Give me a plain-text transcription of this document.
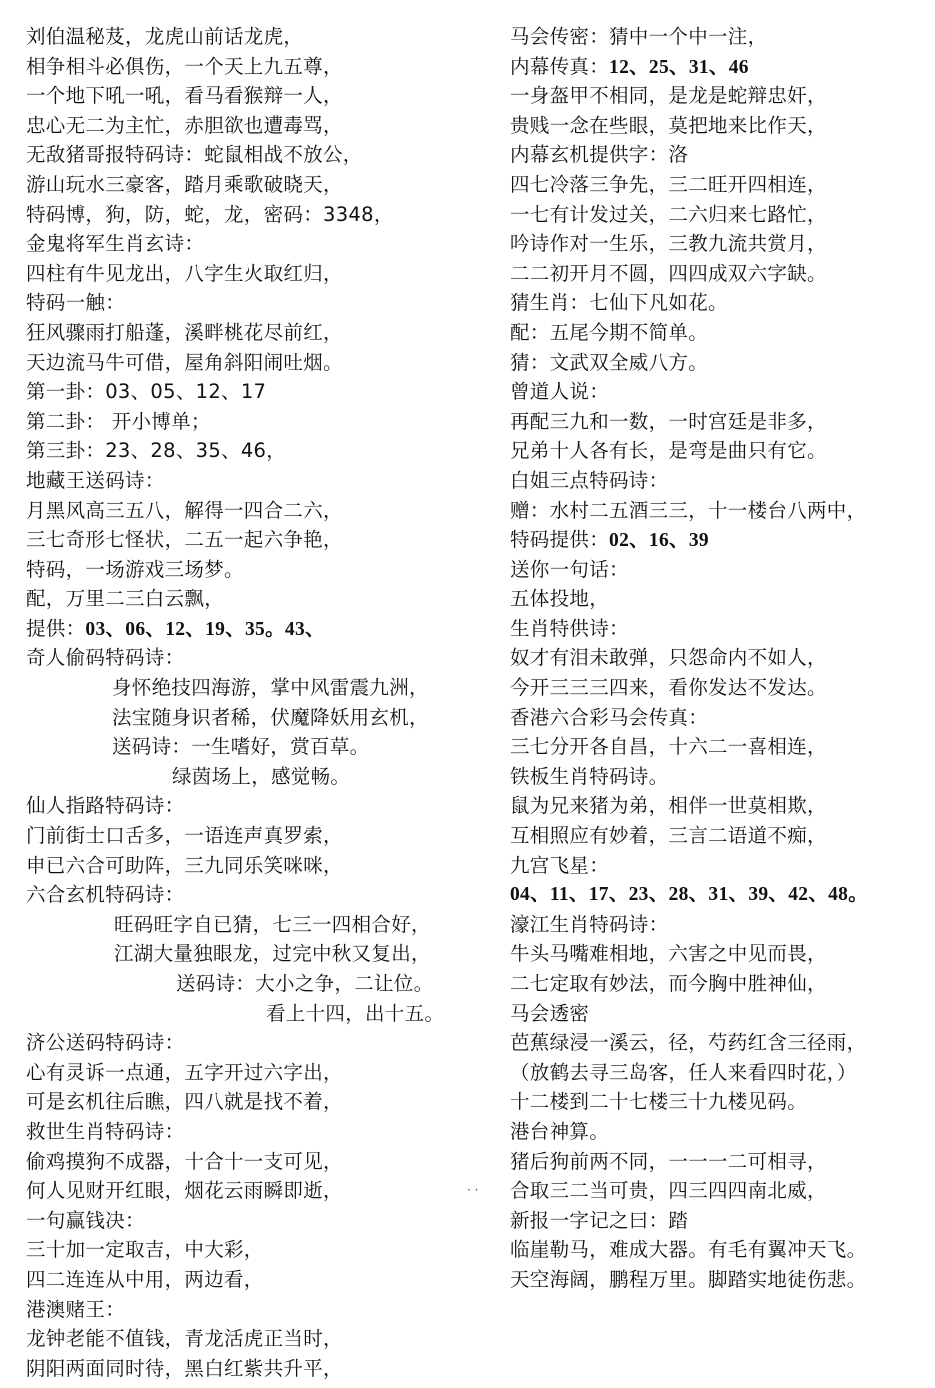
刘伯温秘芨，龙虎山前话龙虎，
相争相斗必俱伤，一个天上九五尊，
一个地下吼一吼，看马看猴辩一人，
忠心无二为主忙，赤胆欲也遭毒骂，
无敌猪哥报特码诗：蛇鼠相战不放公，
游山玩水三豪客，踏月乘歌破晓天，
特码博，狗，防，蛇，龙，密码：3348，
金鬼将军生肖玄诗：
四柱有牛见龙出，八字生火取红归，
特码一触：
狂风骤雨打船蓬，溪畔桃花尽前红，
天边流马牛可借，屋角斜阳闹吐烟。
第一卦：03、05、12、17
第二卦： 开小博单；
第三卦：23、28、35、46，
地藏王送码诗：
月黑风高三五八，解得一四合二六，
三七奇形七怪状，二五一起六争艳，
特码，一场游戏三场梦。
配，万里二三白云飘，
提供：03、06、12、19、35。43、
奇人偷码特码诗：
身怀绝技四海游，掌中风雷震九洲，
法宝随身识者稀，伏魔降妖用玄机，
送码诗：一生嗜好，赏百草。
绿茵场上，感觉畅。
仙人指路特码诗：
门前街士口舌多，一语连声真罗索，
申已六合可助阵，三九同乐笑咪咪，
六合玄机特码诗：
旺码旺字自已猜，七三一四相合好，
江湖大量独眼龙，过完中秋又复出，
送码诗：大小之争，二让位。
看上十四，出十五。
济公送码特码诗：
心有灵诉一点通，五字开过六字出，
可是玄机往后瞧，四八就是找不着，
救世生肖特码诗：
偷鸡摸狗不成器，十合十一支可见，
何人见财开红眼，烟花云雨瞬即逝，
一句赢钱决：
三十加一定取吉，中大彩，
四二连连从中用，两边看，
港澳赌王：
龙钟老能不值钱，青龙活虎正当时，
阴阳两面同时待，黑白红紫共升平，
· ·
马会传密：猜中一个中一注，
内幕传真：12、25、31、46
一身盔甲不相同，是龙是蛇辩忠奸，
贵贱一念在些眼，莫把地来比作天，
内幕玄机提供字：洛
四七冷落三争先，三二旺开四相连，
一七有计发过关，二六归来七路忙，
吟诗作对一生乐，三教九流共赏月，
二二初开月不圆，四四成双六字缺。
猜生肖：七仙下凡如花。
配：五尾今期不简单。
猜：文武双全威八方。
曾道人说：
再配三九和一数，一时宫廷是非多，
兄弟十人各有长，是弯是曲只有它。
白姐三点特码诗：
赠：水村二五酒三三，十一楼台八两中，
特码提供：02、16、39
送你一句话：
五体投地，
生肖特供诗：
奴才有泪未敢弹，只怨命内不如人，
今开三三三四来，看你发达不发达。
香港六合彩马会传真：
三七分开各自昌，十六二一喜相连，
铁板生肖特码诗。
鼠为兄来猪为弟，相伴一世莫相欺，
互相照应有妙着，三言二语道不痴，
九宫飞星：
04、11、17、23、28、31、39、42、48。
濠江生肖特码诗：
牛头马嘴难相地，六害之中见而畏，
二七定取有妙法，而今胸中胜神仙，
马会透密
芭蕉绿浸一溪云，径，芍药红含三径雨，
（放鹤去寻三岛客，任人来看四时花，）
十二楼到二十七楼三十九楼见码。
港台神算。
猪后狗前两不同，一一一二可相寻，
合取三二当可贵，四三四四南北威，
新报一字记之曰：踏
临崖勒马，难成大器。有毛有翼冲天飞。
天空海阔，鹏程万里。脚踏实地徒伤悲。
